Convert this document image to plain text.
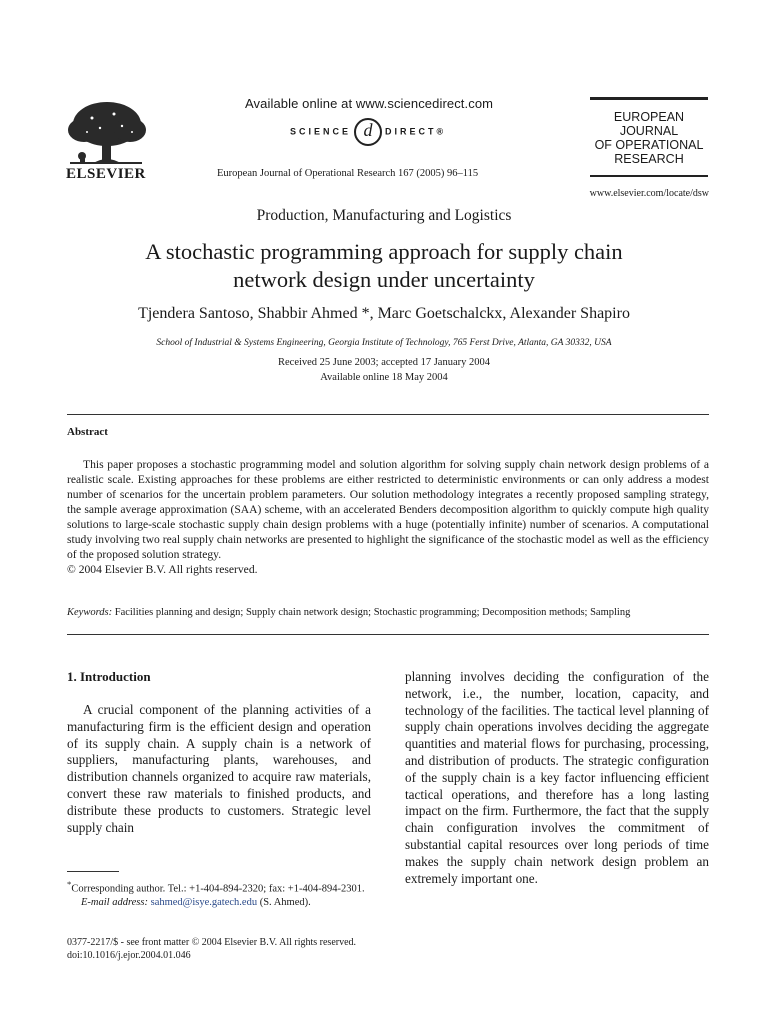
ELSEVIER
Available online at www.sciencedirect.com
SCIENCE d DIRECT®
European Journal of Operational Research 167 (2005) 96–115
EUROPEAN
JOURNAL
OF OPERATIONAL
RESEARCH
www.elsevier.com/locate/dsw
Production, Manufacturing and Logistics
A stochastic programming approach for supply chain
network design under uncertainty
Tjendera Santoso, Shabbir Ahmed *, Marc Goetschalckx, Alexander Shapiro
School of Industrial & Systems Engineering, Georgia Institute of Technology, 765 Ferst Drive, Atlanta, GA 30332, USA
Received 25 June 2003; accepted 17 January 2004
Available online 18 May 2004
Abstract

This paper proposes a stochastic programming model and solution algorithm for solving supply chain network design problems of a realistic scale. Existing approaches for these problems are either restricted to deterministic environments or can only address a modest number of scenarios for the uncertain problem parameters. Our solution methodology integrates a recently proposed sampling strategy, the sample average approximation (SAA) scheme, with an accelerated Benders decomposition algorithm to quickly compute high quality solutions to large-scale stochastic supply chain design problems with a huge (potentially infinite) number of scenarios. A computational study involving two real supply chain networks are presented to highlight the significance of the stochastic model as well as the efficiency of the proposed solution strategy.

© 2004 Elsevier B.V. All rights reserved.
Keywords: Facilities planning and design; Supply chain network design; Stochastic programming; Decomposition methods; Sampling
1. Introduction

A crucial component of the planning activities of a manufacturing firm is the efficient design and operation of its supply chain. A supply chain is a network of suppliers, manufacturing plants, warehouses, and distribution channels organized to acquire raw materials, convert these raw materials to finished products, and distribute these products to customers. Strategic level supply chain

planning involves deciding the configuration of the network, i.e., the number, location, capacity, and technology of the facilities. The tactical level planning of supply chain operations involves deciding the aggregate quantities and material flows for purchasing, processing, and distribution of products. The strategic configuration of the supply chain is a key factor influencing efficient tactical operations, and therefore has a long lasting impact on the firm. Furthermore, the fact that the supply chain configuration involves the commitment of substantial capital resources over long periods of time makes the supply chain network design problem an extremely important one.

*Corresponding author. Tel.: +1-404-894-2320; fax: +1-404-894-2301.
E-mail address: sahmed@isye.gatech.edu (S. Ahmed).
0377-2217/$ - see front matter © 2004 Elsevier B.V. All rights reserved.
doi:10.1016/j.ejor.2004.01.046
